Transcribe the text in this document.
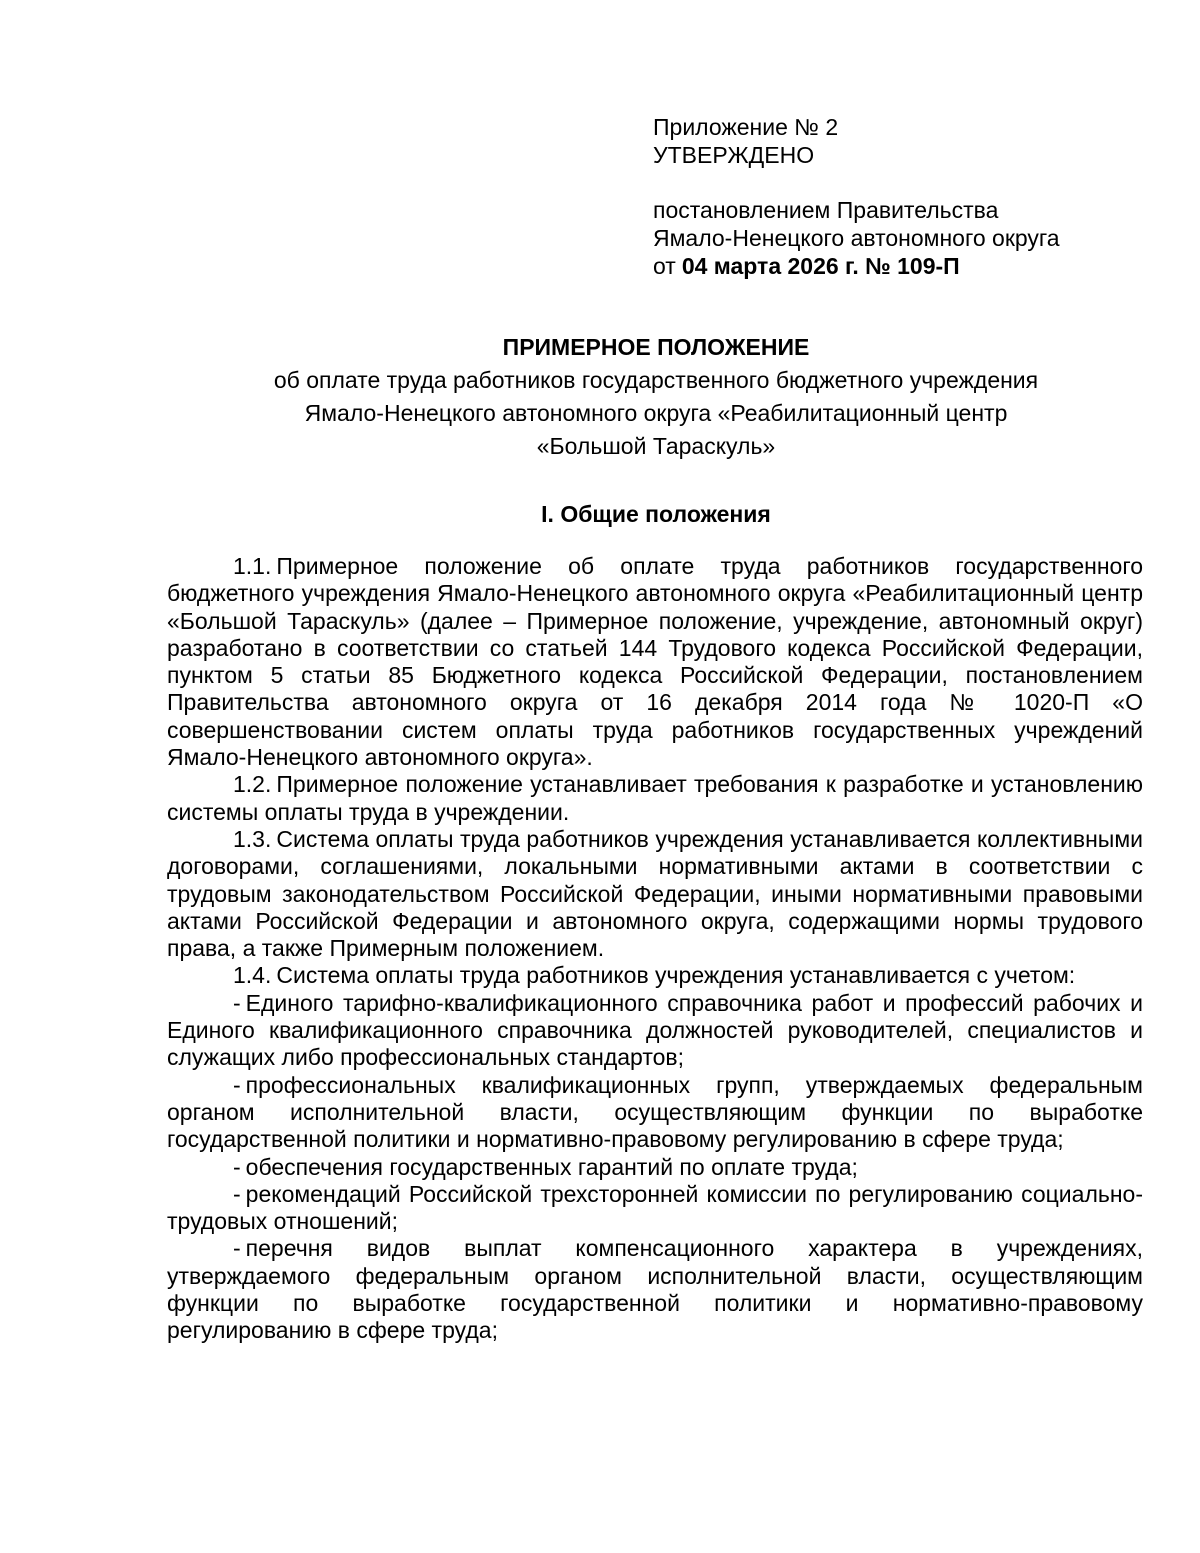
Приложение № 2

УТВЕРЖДЕНО

постановлением Правительства

Ямало-Ненецкого автономного округа

от 04 марта 2026 г. № 109-П

ПРИМЕРНОЕ ПОЛОЖЕНИЕ

об оплате труда работников государственного бюджетного учреждения

Ямало-Ненецкого автономного округа «Реабилитационный центр

«Большой Тараскуль»

I. Общие положения

1.1. Примерное положение об оплате труда работников государственного бюджетного учреждения Ямало-Ненецкого автономного округа «Реабилитационный центр «Большой Тараскуль» (далее – Примерное положение, учреждение, автономный округ) разработано в соответствии со статьей 144 Трудового кодекса Российской Федерации, пунктом 5 статьи 85 Бюджетного кодекса Российской Федерации, постановлением Правительства автономного округа от 16 декабря 2014 года № 1020-П «О совершенствовании систем оплаты труда работников государственных учреждений Ямало-Ненецкого автономного округа».

1.2. Примерное положение устанавливает требования к разработке и установлению системы оплаты труда в учреждении.

1.3. Система оплаты труда работников учреждения устанавливается коллективными договорами, соглашениями, локальными нормативными актами в соответствии с трудовым законодательством Российской Федерации, иными нормативными правовыми актами Российской Федерации и автономного округа, содержащими нормы трудового права, а также Примерным положением.

1.4. Система оплаты труда работников учреждения устанавливается с учетом:

- Единого тарифно-квалификационного справочника работ и профессий рабочих и Единого квалификационного справочника должностей руководителей, специалистов и служащих либо профессиональных стандартов;

- профессиональных квалификационных групп, утверждаемых федеральным органом исполнительной власти, осуществляющим функции по выработке государственной политики и нормативно-правовому регулированию в сфере труда;

- обеспечения государственных гарантий по оплате труда;

- рекомендаций Российской трехсторонней комиссии по регулированию социально-трудовых отношений;

- перечня видов выплат компенсационного характера в учреждениях, утверждаемого федеральным органом исполнительной власти, осуществляющим функции по выработке государственной политики и нормативно-правовому регулированию в сфере труда;
